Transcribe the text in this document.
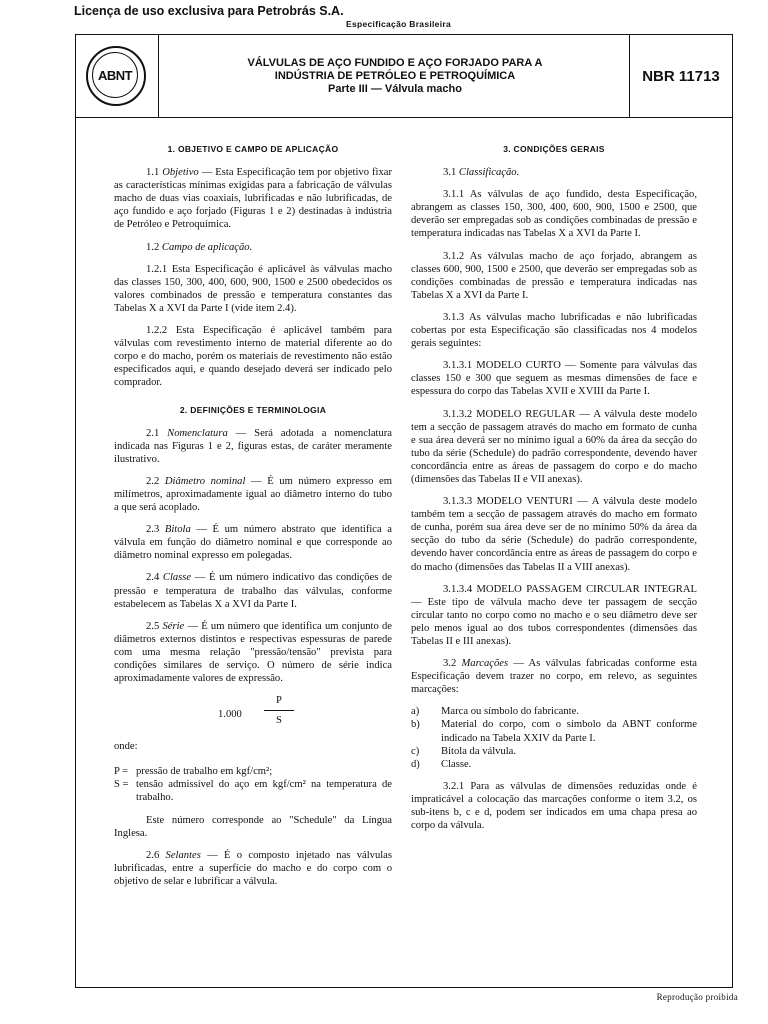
Licença de uso exclusiva para Petrobrás S.A.
Especificação Brasileira
ABNT
VÁLVULAS DE AÇO FUNDIDO E AÇO FORJADO PARA A
INDÚSTRIA DE PETRÓLEO E PETROQUÍMICA
Parte III — Válvula macho
NBR 11713
1. OBJETIVO E CAMPO DE APLICAÇÃO

1.1 Objetivo — Esta Especificação tem por objetivo fixar as características mínimas exigidas para a fabricação de válvulas macho de duas vias coaxiais, lubrificadas e não lubrificadas, de aço fundido e aço forjado (Figuras 1 e 2) destinadas à indústria de Petróleo e Petroquímica.

1.2 Campo de aplicação.

1.2.1 Esta Especificação é aplicável às válvulas macho das classes 150, 300, 400, 600, 900, 1500 e 2500 obedecidos os valores combinados de pressão e temperatura constantes das Tabelas X a XVI da Parte I (vide item 2.4).

1.2.2 Esta Especificação é aplicável também para válvulas com revestimento interno de material diferente ao do corpo e do macho, porém os materiais de revestimento não estão especificados aqui, e quando desejado deverá ser indicado pelo comprador.

2. DEFINIÇÕES E TERMINOLOGIA

2.1 Nomenclatura — Será adotada a nomenclatura indicada nas Figuras 1 e 2, figuras estas, de caráter meramente ilustrativo.

2.2 Diâmetro nominal — É um número expresso em milímetros, aproximadamente igual ao diâmetro interno do tubo a que será acoplado.

2.3 Bitola — É um número abstrato que identifica a válvula em função do diâmetro nominal e que corresponde ao diâmetro nominal expresso em polegadas.

2.4 Classe — É um número indicativo das condições de pressão e temperatura de trabalho das válvulas, conforme estabelecem as Tabelas X a XVI da Parte I.

2.5 Série — É um número que identifica um conjunto de diâmetros externos distintos e respectivas espessuras de parede com uma mesma relação "pressão/tensão" prevista para condições similares de serviço. O número de série indica aproximadamente valores de expressão.

$1.000 \frac{P}{S}$

onde:

P = pressão de trabalho em kgf/cm²;
S = tensão admissível do aço em kgf/cm² na temperatura de trabalho.

Este número corresponde ao "Schedule" da Língua Inglesa.

2.6 Selantes — É o composto injetado nas válvulas lubrificadas, entre a superfície do macho e do corpo com o objetivo de selar e lubrificar a válvula.

3. CONDIÇÕES GERAIS

3.1 Classificação.

3.1.1 As válvulas de aço fundido, desta Especificação, abrangem as classes 150, 300, 400, 600, 900, 1500 e 2500, que deverão ser empregadas sob as condições combinadas de pressão e temperatura indicadas nas Tabelas X a XVI da Parte I.

3.1.2 As válvulas macho de aço forjado, abrangem as classes 600, 900, 1500 e 2500, que deverão ser empregadas sob as condições combinadas de pressão e temperatura indicadas nas Tabelas X a XVI da Parte I.

3.1.3 As válvulas macho lubrificadas e não lubrificadas cobertas por esta Especificação são classificadas nos 4 modelos gerais seguintes:

3.1.3.1 MODELO CURTO — Somente para válvulas das classes 150 e 300 que seguem as mesmas dimensões de face e espessura do corpo das Tabelas XVII e XVIII da Parte I.

3.1.3.2 MODELO REGULAR — A válvula deste modelo tem a secção de passagem através do macho em formato de cunha e sua área deverá ser no mínimo igual a 60% da área da secção do tubo da série (Schedule) do padrão correspondente, devendo haver concordância entre as áreas de passagem do corpo e do macho (dimensões das Tabelas II e VII anexas).

3.1.3.3 MODELO VENTURI — A válvula deste modelo também tem a secção de passagem através do macho em formato de cunha, porém sua área deve ser de no mínimo 50% da área da secção do tubo da série (Schedule) do padrão correspondente, devendo haver concordância entre as áreas de passagem do corpo e do macho (dimensões das Tabelas II a VIII anexas).

3.1.3.4 MODELO PASSAGEM CIRCULAR INTEGRAL — Este tipo de válvula macho deve ter passagem de secção circular tanto no corpo como no macho e o seu diâmetro deve ser pelo menos igual ao dos tubos correspondentes (dimensões das Tabelas II e III anexas).

3.2 Marcações — As válvulas fabricadas conforme esta Especificação devem trazer no corpo, em relevo, as seguintes marcações:

a)	Marca ou símbolo do fabricante.
b)	Material do corpo, com o símbolo da ABNT conforme indicado na Tabela XXIV da Parte I.
c)	Bitola da válvula.
d)	Classe.

3.2.1 Para as válvulas de dimensões reduzidas onde é impraticável a colocação das marcações conforme o item 3.2, os sub-itens b, c e d, podem ser indicados em uma chapa presa ao corpo da válvula.

Reprodução proibida
